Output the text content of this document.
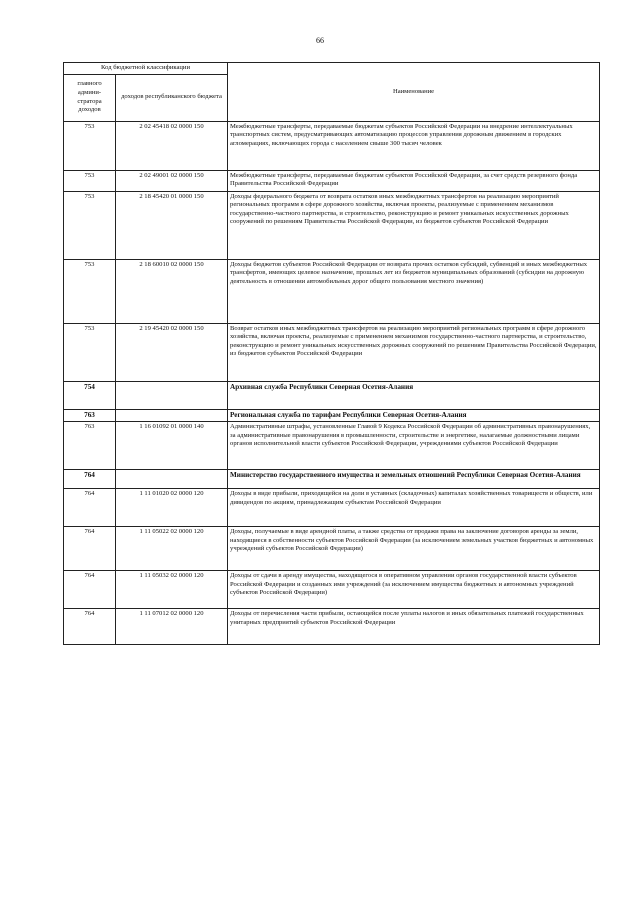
66
Код бюджетной классификации		Наименование
главного админи-стратора доходов	доходов республиканского бюджета	
753	2 02 45418 02 0000 150	Межбюджетные трансферты, передаваемые бюджетам субъектов Российской Федерации на внедрение интеллектуальных транспортных систем, предусматривающих автоматизацию процессов управления дорожным движением в городских агломерациях, включающих города с населением свыше 300 тысяч человек
753	2 02 49001 02 0000 150	Межбюджетные трансферты, передаваемые бюджетам субъектов Российской Федерации, за счет средств резервного фонда Правительства Российской Федерации
753	2 18 45420 01 0000 150	Доходы федерального бюджета от возврата остатков иных межбюджетных трансфертов на реализацию мероприятий региональных программ в сфере дорожного хозяйства, включая проекты, реализуемые с применением механизмов государственно-частного партнерства, и строительство, реконструкцию и ремонт уникальных искусственных дорожных сооружений по решениям Правительства Российской Федерации, из бюджетов субъектов Российской Федерации
753	2 18 60010 02 0000 150	Доходы бюджетов субъектов Российской Федерации от возврата прочих остатков субсидий, субвенций и иных межбюджетных трансфертов, имеющих целевое назначение, прошлых лет из бюджетов муниципальных образований (субсидии на дорожную деятельность в отношении автомобильных дорог общего пользования местного значения)
753	2 19 45420 02 0000 150	Возврат остатков иных межбюджетных трансфертов на реализацию мероприятий региональных программ в сфере дорожного хозяйства, включая проекты, реализуемые с применением механизмов государственно-частного партнерства, и строительство, реконструкцию и ремонт уникальных искусственных дорожных сооружений по решениям Правительства Российской Федерации, из бюджетов субъектов Российской Федерации
754		Архивная служба Республики Северная Осетия-Алания
763		Региональная служба по тарифам Республики Северная Осетия-Алания
763	1 16 01092 01 0000 140	Административные штрафы, установленные Главой 9 Кодекса Российской Федерации об административных правонарушениях, за административные правонарушения в промышленности, строительстве и энергетике, налагаемые должностными лицами органов исполнительной власти субъектов Российской Федерации, учреждениями субъектов Российской Федерации
764		Министерство государственного имущества и земельных отношений Республики Северная Осетия-Алания
764	1 11 01020 02 0000 120	Доходы в виде прибыли, приходящейся на доли в уставных (складочных) капиталах хозяйственных товариществ и обществ, или дивидендов по акциям, принадлежащим субъектам Российской Федерации
764	1 11 05022 02 0000 120	Доходы, получаемые в виде арендной платы, а также средства от продажи права на заключение договоров аренды за земли, находящиеся в собственности субъектов Российской Федерации (за исключением земельных участков бюджетных и автономных учреждений субъектов Российской Федерации)
764	1 11 05032 02 0000 120	Доходы от сдачи в аренду имущества, находящегося в оперативном управлении органов государственной власти субъектов Российской Федерации и созданных ими учреждений (за исключением имущества бюджетных и автономных учреждений субъектов Российской Федерации)
764	1 11 07012 02 0000 120	Доходы от перечисления части прибыли, остающейся после уплаты налогов и иных обязательных платежей государственных унитарных предприятий субъектов Российской Федерации
